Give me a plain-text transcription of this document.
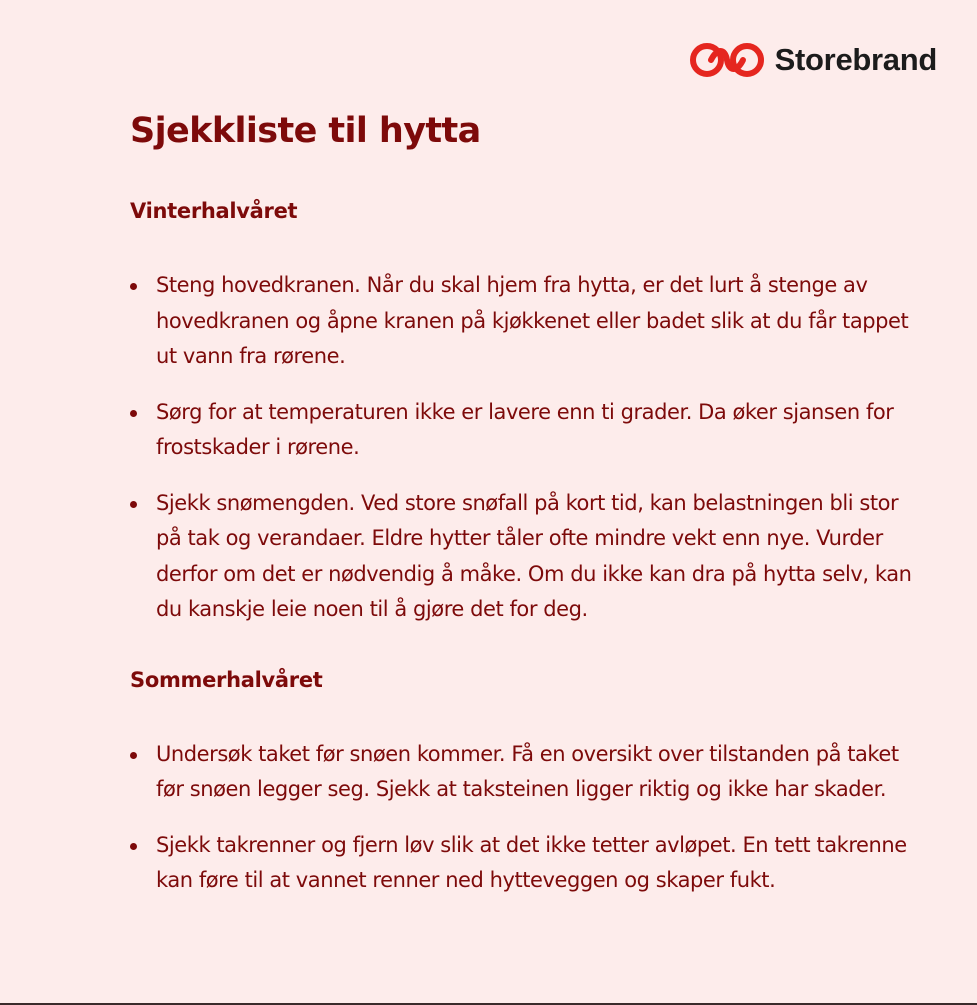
Storebrand
Sjekkliste til hytta
Vinterhalvåret
Steng hovedkranen. Når du skal hjem fra hytta, er det lurt å stenge av hovedkranen og åpne kranen på kjøkkenet eller badet slik at du får tappet ut vann fra rørene.
Sørg for at temperaturen ikke er lavere enn ti grader. Da øker sjansen for frostskader i rørene.
Sjekk snømengden. Ved store snøfall på kort tid, kan belastningen bli stor på tak og verandaer. Eldre hytter tåler ofte mindre vekt enn nye. Vurder derfor om det er nødvendig å måke. Om du ikke kan dra på hytta selv, kan du kanskje leie noen til å gjøre det for deg.
Sommerhalvåret
Undersøk taket før snøen kommer. Få en oversikt over tilstanden på taket før snøen legger seg. Sjekk at taksteinen ligger riktig og ikke har skader.
Sjekk takrenner og fjern løv slik at det ikke tetter avløpet. En tett takrenne kan føre til at vannet renner ned hytteveggen og skaper fukt.
